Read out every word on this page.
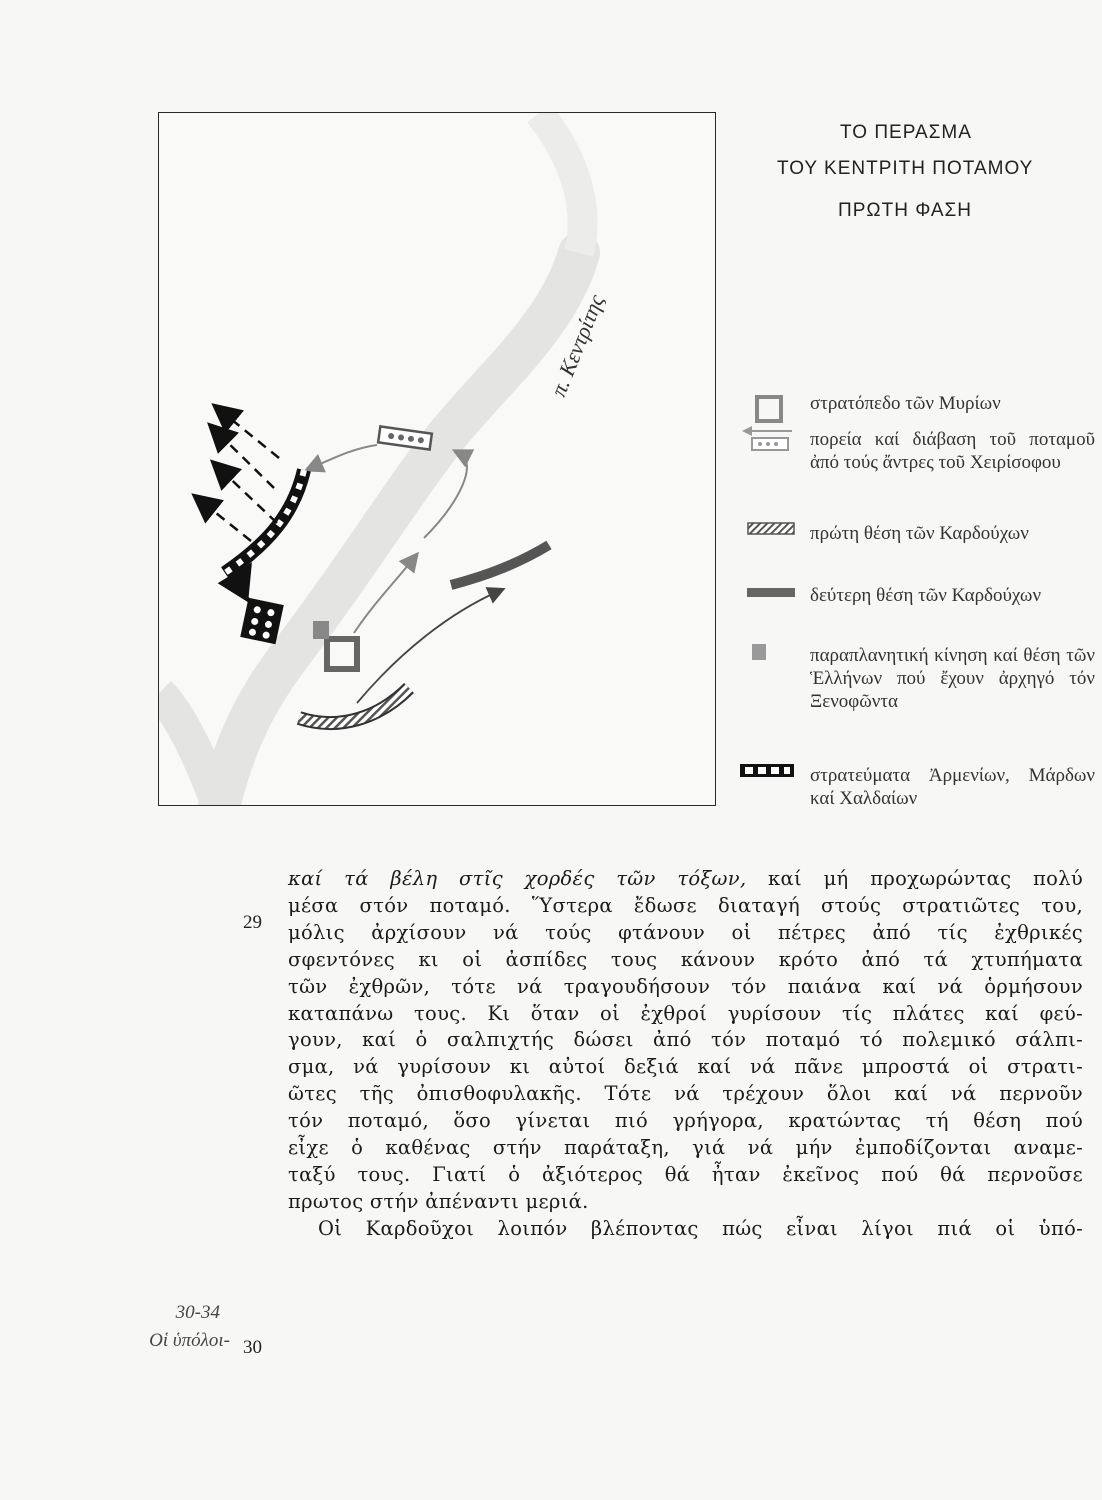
π. Κεντρίτης
ΤΟ ΠΕΡΑΣΜΑ
ΤΟΥ ΚΕΝΤΡΙΤΗ ΠΟΤΑΜΟΥ
ΠΡΩΤΗ ΦΑΣΗ
στρατόπεδο τῶν Μυρίων
πορεία καί διάβαση τοῦ ποταμοῦ ἀπό τούς ἄντρες τοῦ Χειρίσοφου
πρώτη θέση τῶν Καρδούχων
δεύτερη θέση τῶν Καρδούχων
παραπλανητική κίνηση καί θέση τῶν Ἑλλήνων πού ἔχουν ἀρχηγό τόν Ξενοφῶντα
στρατεύματα Ἀρμενίων, Μάρδων καί Χαλδαίων
29
30
30-34
Οἱ ὑπόλοι-
καί τά βέλη στῖς χορδές τῶν τόξων, καί μή προχωρώντας πολύ
μέσα στόν ποταμό. Ὕστερα ἔδωσε διαταγή στούς στρατιῶτες του,
μόλις ἀρχίσουν νά τούς φτάνουν οἱ πέτρες ἀπό τίς ἐχθρικές
σφεντόνες κι οἱ ἀσπίδες τους κάνουν κρότο ἀπό τά χτυπήματα
τῶν ἐχθρῶν, τότε νά τραγουδήσουν τόν παιάνα καί νά ὁρμήσουν
καταπάνω τους. Κι ὅταν οἱ ἐχθροί γυρίσουν τίς πλάτες καί φεύ-
γουν, καί ὁ σαλπιχτής δώσει ἀπό τόν ποταμό τό πολεμικό σάλπι-
σμα, νά γυρίσουν κι αὐτοί δεξιά καί νά πᾶνε μπροστά οἱ στρατι-
ῶτες τῆς ὀπισθοφυλακῆς. Τότε νά τρέχουν ὅλοι καί νά περνοῦν
τόν ποταμό, ὅσο γίνεται πιό γρήγορα, κρατώντας τή θέση πού
εἶχε ὁ καθένας στήν παράταξη, γιά νά μήν ἐμποδίζονται αναμε-
ταξύ τους. Γιατί ὁ ἀξιότερος θά ἦταν ἐκεῖνος πού θά περνοῦσε
πρωτος στήν ἀπέναντι μεριά.
Οἱ Καρδοῦχοι λοιπόν βλέποντας πώς εἶναι λίγοι πιά οἱ ὑπό-
